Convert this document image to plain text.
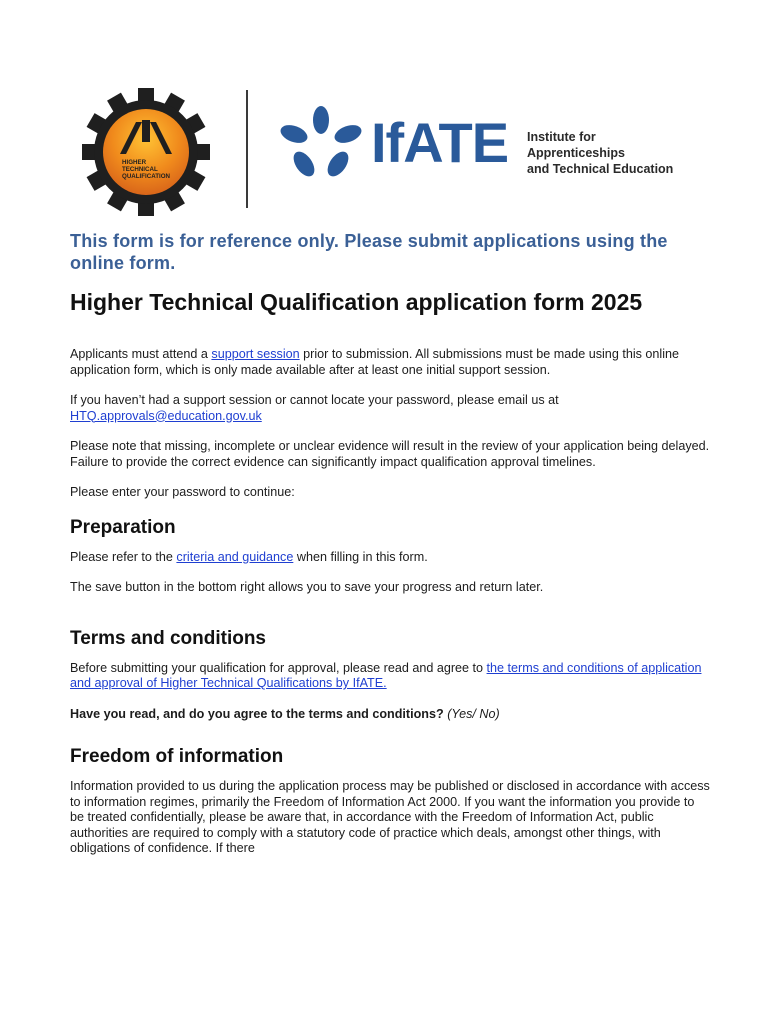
HIGHER
TECHNICAL
QUALIFICATION
IfATE Institute for
Apprenticeships
and Technical Education
This form is for reference only. Please submit applications using the online form.
Higher Technical Qualification application form 2025

Applicants must attend a support session prior to submission. All submissions must be made using this online application form, which is only made available after at least one initial support session.

If you haven’t had a support session or cannot locate your password, please email us at HTQ.approvals@education.gov.uk

Please note that missing, incomplete or unclear evidence will result in the review of your application being delayed. Failure to provide the correct evidence can significantly impact qualification approval timelines.

Please enter your password to continue:

Preparation

Please refer to the criteria and guidance when filling in this form.

The save button in the bottom right allows you to save your progress and return later.

Terms and conditions

Before submitting your qualification for approval, please read and agree to the terms and conditions of application and approval of Higher Technical Qualifications by IfATE.

Have you read, and do you agree to the terms and conditions? (Yes/ No)

Freedom of information

Information provided to us during the application process may be published or disclosed in accordance with access to information regimes, primarily the Freedom of Information Act 2000. If you want the information you provide to be treated confidentially, please be aware that, in accordance with the Freedom of Information Act, public authorities are required to comply with a statutory code of practice which deals, amongst other things, with obligations of confidence. If there
